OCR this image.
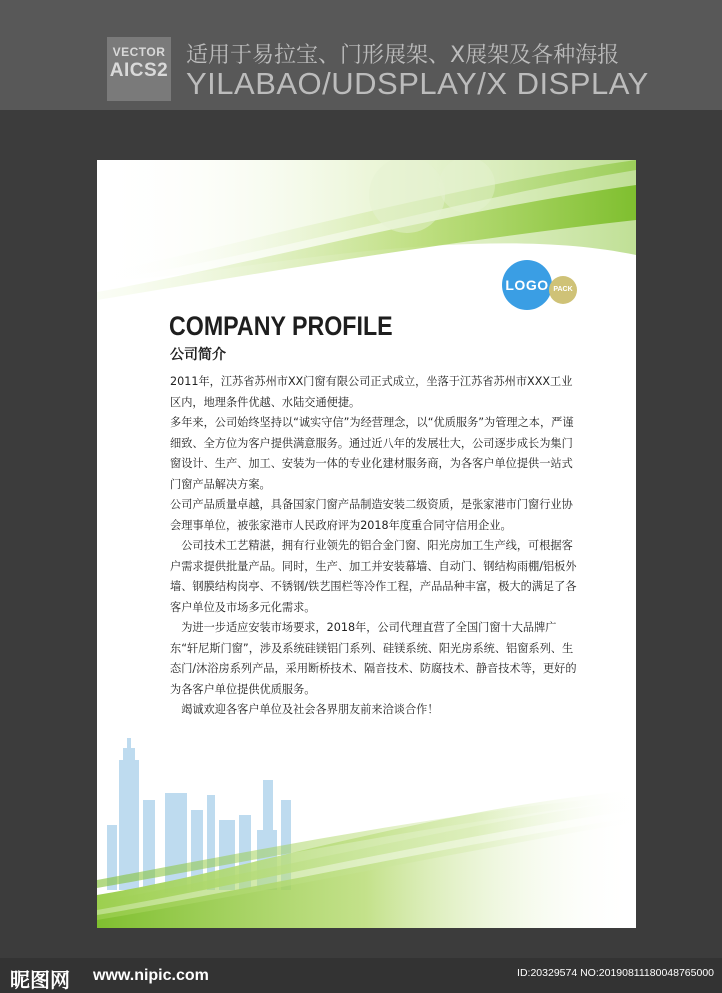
VECTOR
AICS2
适用于易拉宝、门形展架、X展架及各种海报
YILABAO/UDSPLAY/X DISPLAY
LOGO PACK
COMPANY PROFILE
公司简介

2011年，江苏省苏州市XX门窗有限公司正式成立，坐落于江苏省苏州市XXX工业区内，地理条件优越、水陆交通便捷。

多年来，公司始终坚持以“诚实守信”为经营理念，以“优质服务”为管理之本，严谨细致、全方位为客户提供满意服务。通过近八年的发展壮大，公司逐步成长为集门窗设计、生产、加工、安装为一体的专业化建材服务商，为各客户单位提供一站式门窗产品解决方案。

公司产品质量卓越，具备国家门窗产品制造安装二级资质，是张家港市门窗行业协会理事单位，被张家港市人民政府评为2018年度重合同守信用企业。

　公司技术工艺精湛，拥有行业领先的铝合金门窗、阳光房加工生产线，可根据客户需求提供批量产品。同时，生产、加工并安装幕墙、自动门、钢结构雨棚/铝板外墙、钢膜结构岗亭、不锈钢/铁艺围栏等冷作工程，产品品种丰富，极大的满足了各客户单位及市场多元化需求。

　为进一步适应安装市场要求，2018年，公司代理直营了全国门窗十大品牌广东“轩尼斯门窗”，涉及系统硅镁铝门系列、硅镁系统、阳光房系统、铝窗系列、生态门/沐浴房系列产品，采用断桥技术、隔音技术、防腐技术、静音技术等，更好的为各客户单位提供优质服务。

　竭诚欢迎各客户单位及社会各界朋友前来洽谈合作！

昵图网 www.nipic.com	ID:20329574 NO:20190811180048765000
